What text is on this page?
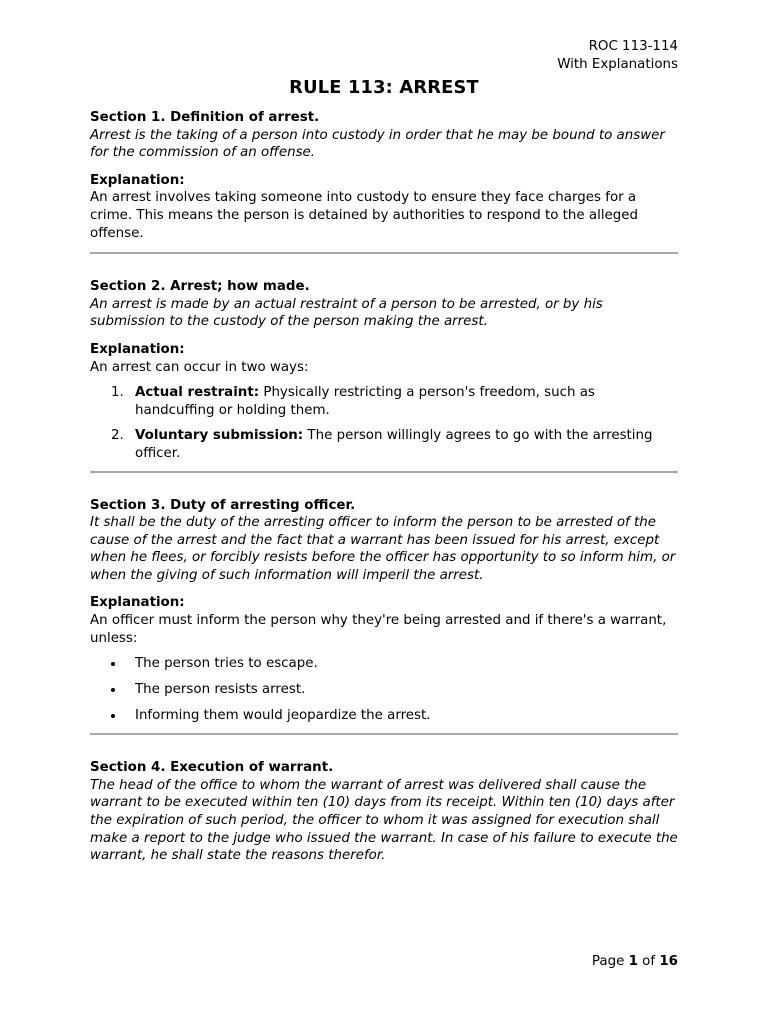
ROC 113-114
With Explanations
RULE 113: ARREST
Section 1. Definition of arrest.
Arrest is the taking of a person into custody in order that he may be bound to answer for the commission of an offense.
Explanation:
An arrest involves taking someone into custody to ensure they face charges for a crime. This means the person is detained by authorities to respond to the alleged offense.
Section 2. Arrest; how made.
An arrest is made by an actual restraint of a person to be arrested, or by his submission to the custody of the person making the arrest.
Explanation:
An arrest can occur in two ways:
1. Actual restraint: Physically restricting a person's freedom, such as handcuffing or holding them.
2. Voluntary submission: The person willingly agrees to go with the arresting officer.
Section 3. Duty of arresting officer.
It shall be the duty of the arresting officer to inform the person to be arrested of the cause of the arrest and the fact that a warrant has been issued for his arrest, except when he flees, or forcibly resists before the officer has opportunity to so inform him, or when the giving of such information will imperil the arrest.
Explanation:
An officer must inform the person why they're being arrested and if there's a warrant, unless:
The person tries to escape.
The person resists arrest.
Informing them would jeopardize the arrest.
Section 4. Execution of warrant.
The head of the office to whom the warrant of arrest was delivered shall cause the warrant to be executed within ten (10) days from its receipt. Within ten (10) days after the expiration of such period, the officer to whom it was assigned for execution shall make a report to the judge who issued the warrant. In case of his failure to execute the warrant, he shall state the reasons therefor.
Page 1 of 16
